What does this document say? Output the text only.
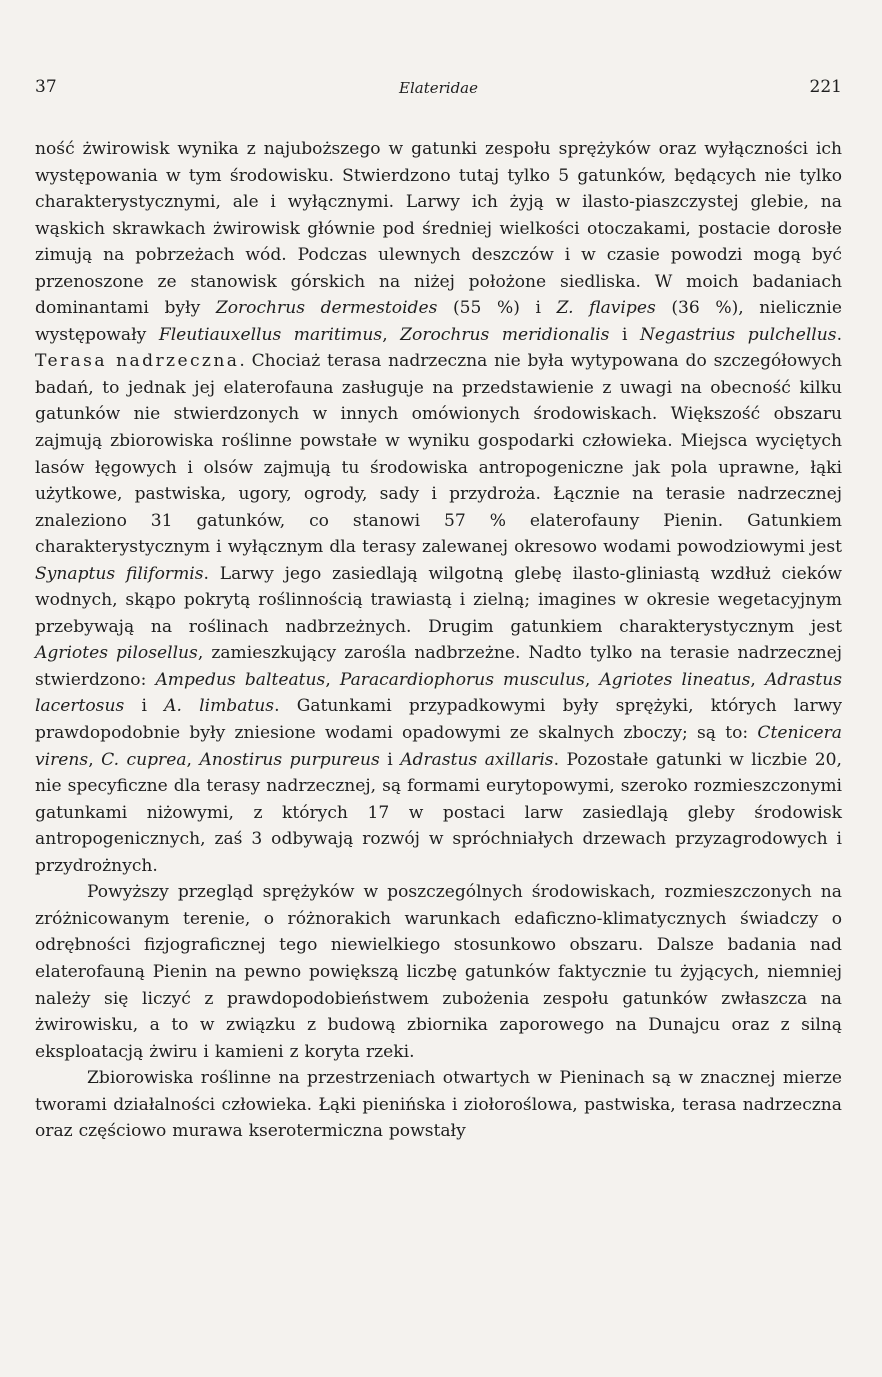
37	Elateridae	221

ność żwirowisk wynika z najuboższego w gatunki zespołu sprężyków oraz wyłączności ich występowania w tym środowisku. Stwierdzono tutaj tylko 5 gatunków, będących nie tylko charakterystycznymi, ale i wyłącznymi. Larwy ich żyją w ilasto-piaszczystej glebie, na wąskich skrawkach żwirowisk głównie pod średniej wielkości otoczakami, postacie dorosłe zimują na pobrzeżach wód. Podczas ulewnych deszczów i w czasie powodzi mogą być przenoszone ze stanowisk górskich na niżej położone siedliska. W moich badaniach dominantami były Zorochrus dermestoides (55 %) i Z. flavipes (36 %), nielicznie występowały Fleutiauxellus maritimus, Zorochrus meridionalis i Negastrius pulchellus. Terasa nadrzeczna. Chociaż terasa nadrzeczna nie była wytypowana do szczegółowych badań, to jednak jej elaterofauna zasługuje na przedstawienie z uwagi na obecność kilku gatunków nie stwierdzonych w innych omówionych środowiskach. Większość obszaru zajmują zbiorowiska roślinne powstałe w wyniku gospodarki człowieka. Miejsca wyciętych lasów łęgowych i olsów zajmują tu środowiska antropogeniczne jak pola uprawne, łąki użytkowe, pastwiska, ugory, ogrody, sady i przydroża. Łącznie na terasie nadrzecznej znaleziono 31 gatunków, co stanowi 57 % elaterofauny Pienin. Gatunkiem charakterystycznym i wyłącznym dla terasy zalewanej okresowo wodami powodziowymi jest Synaptus filiformis. Larwy jego zasiedlają wilgotną glebę ilasto-gliniastą wzdłuż cieków wodnych, skąpo pokrytą roślinnością trawiastą i zielną; imagines w okresie wegetacyjnym przebywają na roślinach nadbrzeżnych. Drugim gatunkiem charakterystycznym jest Agriotes pilosellus, zamieszkujący zarośla nadbrzeżne. Nadto tylko na terasie nadrzecznej stwierdzono: Ampedus balteatus, Paracardiophorus musculus, Agriotes lineatus, Adrastus lacertosus i A. limbatus. Gatunkami przypadkowymi były sprężyki, których larwy prawdopodobnie były zniesione wodami opadowymi ze skalnych zboczy; są to: Ctenicera virens, C. cuprea, Anostirus purpureus i Adrastus axillaris. Pozostałe gatunki w liczbie 20, nie specyficzne dla terasy nadrzecznej, są formami eurytopowymi, szeroko rozmieszczonymi gatunkami niżowymi, z których 17 w postaci larw zasiedlają gleby środowisk antropogenicznych, zaś 3 odbywają rozwój w spróchniałych drzewach przyzagrodowych i przydrożnych.

Powyższy przegląd sprężyków w poszczególnych środowiskach, rozmieszczonych na zróżnicowanym terenie, o różnorakich warunkach edaficzno-klimatycznych świadczy o odrębności fizjograficznej tego niewielkiego stosunkowo obszaru. Dalsze badania nad elaterofauną Pienin na pewno powiększą liczbę gatunków faktycznie tu żyjących, niemniej należy się liczyć z prawdopodobieństwem zubożenia zespołu gatunków zwłaszcza na żwirowisku, a to w związku z budową zbiornika zaporowego na Dunajcu oraz z silną eksploatacją żwiru i kamieni z koryta rzeki.

Zbiorowiska roślinne na przestrzeniach otwartych w Pieninach są w znacznej mierze tworami działalności człowieka. Łąki pienińska i ziołoroślowa, pastwiska, terasa nadrzeczna oraz częściowo murawa kserotermiczna powstały
